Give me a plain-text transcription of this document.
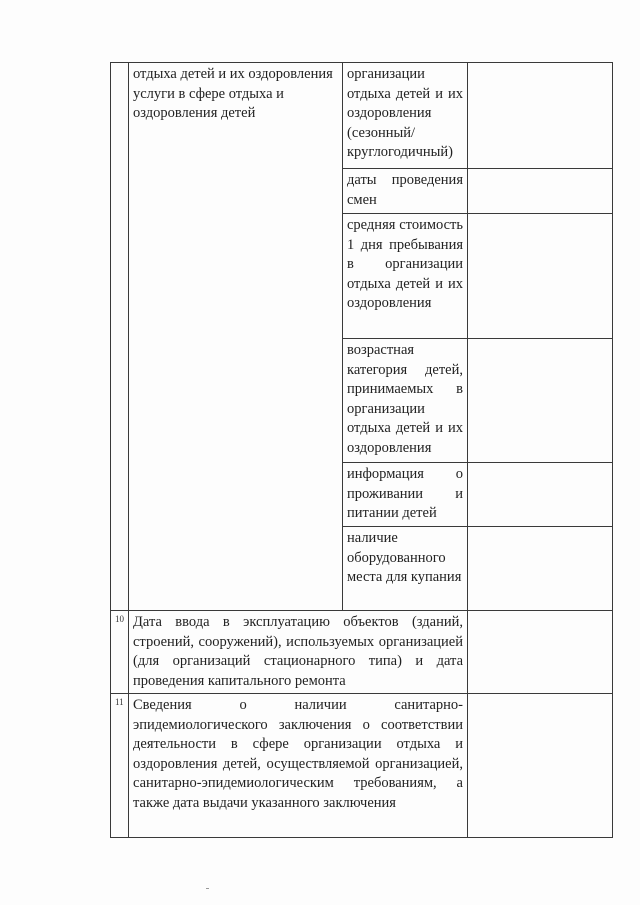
	отдыха детей и их оздоровления услуги в сфере отдыха и оздоровления детей	организации отдыха детей и их оздоровления (сезонный/круглогодичный)	
		даты проведения смен	
		средняя стоимость 1 дня пребывания в организации отдыха детей и их оздоровления	
		возрастная категория детей, принимаемых в организации отдыха детей и их оздоровления	
		информация о проживании и питании детей	
		наличие оборудованного места для купания	
10	Дата ввода в эксплуатацию объектов (зданий, строений, сооружений), используемых организацией (для организаций стационарного типа) и дата проведения капитального ремонта		
11	Сведения о наличии санитарно-эпидемиологического заключения о соответствии деятельности в сфере организации отдыха и оздоровления детей, осуществляемой организацией, санитарно-эпидемиологическим требованиям, а также дата выдачи указанного заключения		
